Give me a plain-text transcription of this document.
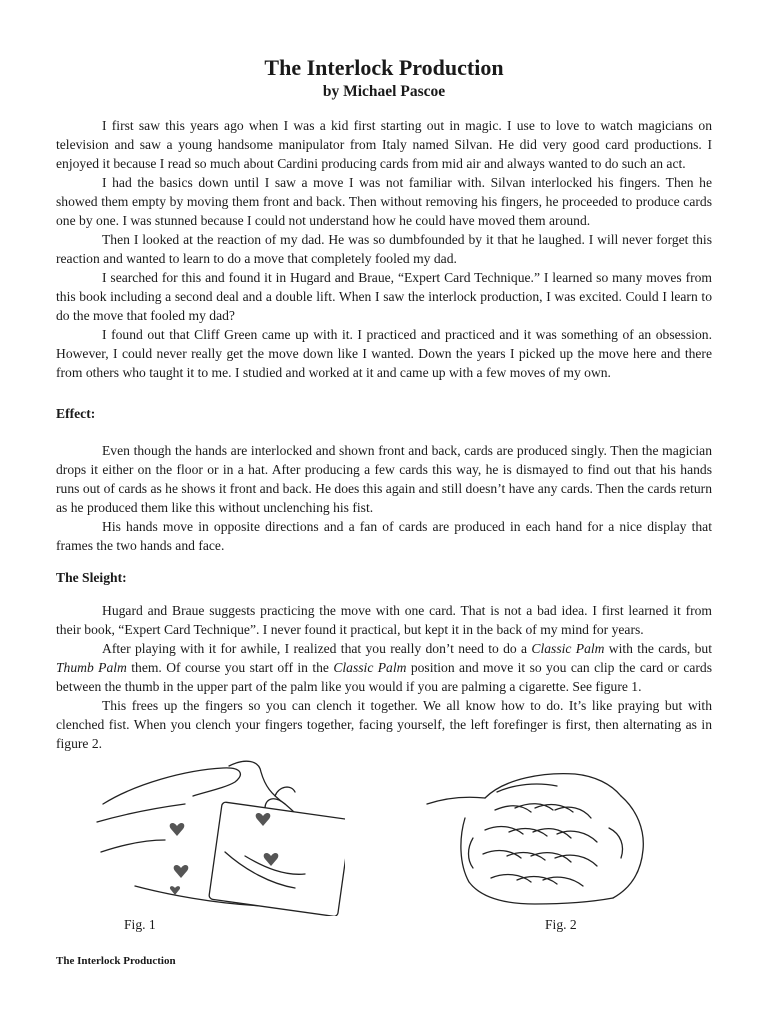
The Interlock Production
by Michael Pascoe

I first saw this years ago when I was a kid first starting out in magic. I use to love to watch magicians on television and saw a young handsome manipulator from Italy named Silvan. He did very good card productions. I enjoyed it because I read so much about Cardini producing cards from mid air and always wanted to do such an act.

I had the basics down until I saw a move I was not familiar with. Silvan interlocked his fingers. Then he showed them empty by moving them front and back. Then without removing his fingers, he proceeded to produce cards one by one. I was stunned because I could not understand how he could have moved them around.

Then I looked at the reaction of my dad. He was so dumbfounded by it that he laughed. I will never forget this reaction and wanted to learn to do a move that completely fooled my dad.

I searched for this and found it in Hugard and Braue, “Expert Card Technique.” I learned so many moves from this book including a second deal and a double lift. When I saw the interlock production, I was excited. Could I learn to do the move that fooled my dad?

I found out that Cliff Green came up with it. I practiced and practiced and it was something of an obsession. However, I could never really get the move down like I wanted. Down the years I picked up the move here and there from others who taught it to me. I studied and worked at it and came up with a few moves of my own.

Effect:

Even though the hands are interlocked and shown front and back, cards are produced singly. Then the magician drops it either on the floor or in a hat. After producing a few cards this way, he is dismayed to find out that his hands runs out of cards as he shows it front and back. He does this again and still doesn’t have any cards. Then the cards return as he produced them like this without unclenching his fist.

His hands move in opposite directions and a fan of cards are produced in each hand for a nice display that frames the two hands and face.

The Sleight:

Hugard and Braue suggests practicing the move with one card. That is not a bad idea. I first learned it from their book, “Expert Card Technique”. I never found it practical, but kept it in the back of my mind for years.

After playing with it for awhile, I realized that you really don’t need to do a Classic Palm with the cards, but Thumb Palm them. Of course you start off in the Classic Palm position and move it so you can clip the card or cards between the thumb in the upper part of the palm like you would if you are palming a cigarette. See figure 1.

This frees up the fingers so you can clench it together. We all know how to do. It’s like praying but with clenched fist. When you clench your fingers together, facing yourself, the left forefinger is first, then alternating as in figure 2.

Fig. 1	Fig. 2
The Interlock Production
